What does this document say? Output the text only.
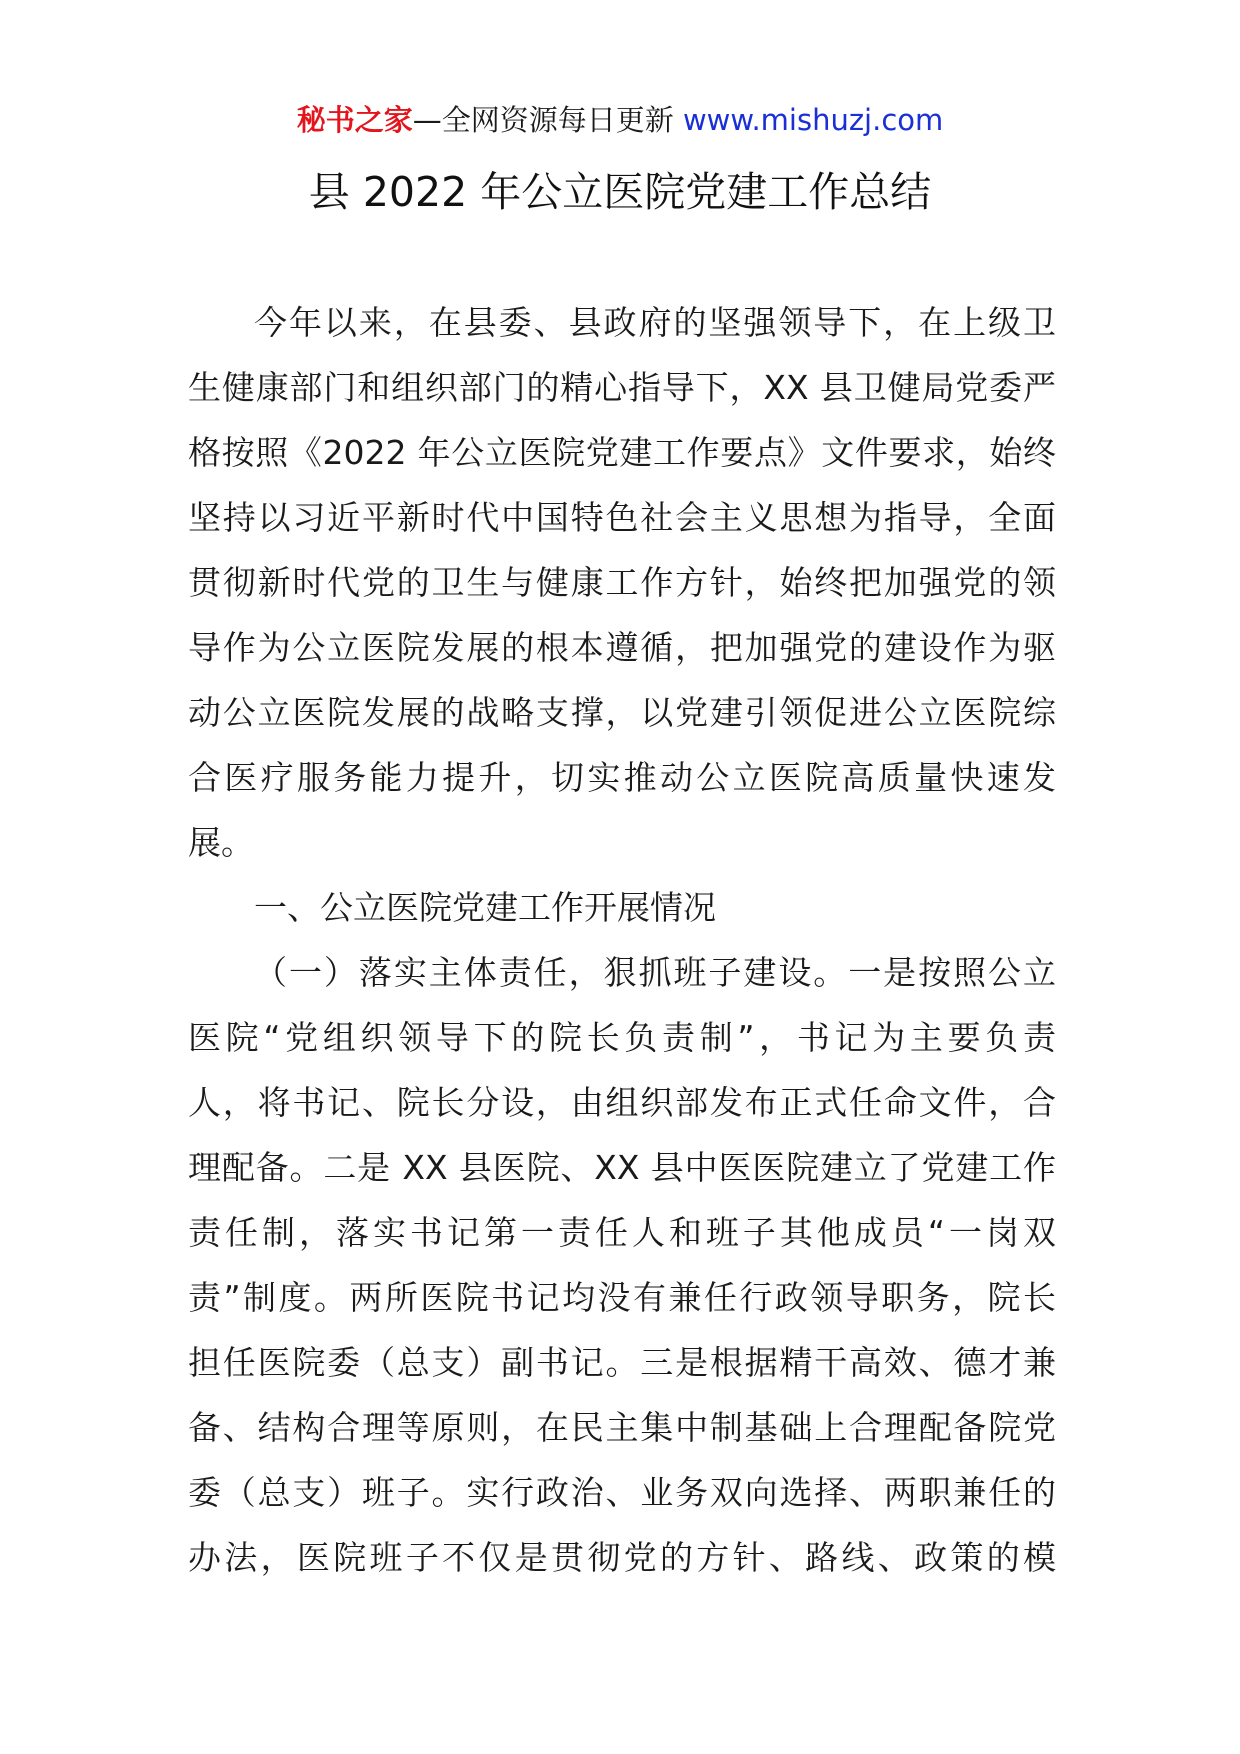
秘书之家—全网资源每日更新 www.mishuzj.com
县 2022 年公立医院党建工作总结
今年以来，在县委、县政府的坚强领导下，在上级卫
生健康部门和组织部门的精心指导下，XX 县卫健局党委严
格按照《2022 年公立医院党建工作要点》文件要求，始终
坚持以习近平新时代中国特色社会主义思想为指导，全面
贯彻新时代党的卫生与健康工作方针，始终把加强党的领
导作为公立医院发展的根本遵循，把加强党的建设作为驱
动公立医院发展的战略支撑，以党建引领促进公立医院综
合医疗服务能力提升，切实推动公立医院高质量快速发
展。
一、公立医院党建工作开展情况
（一）落实主体责任，狠抓班子建设。一是按照公立
医院“党组织领导下的院长负责制”，书记为主要负责
人，将书记、院长分设，由组织部发布正式任命文件，合
理配备。二是 XX 县医院、XX 县中医医院建立了党建工作
责任制，落实书记第一责任人和班子其他成员“一岗双
责”制度。两所医院书记均没有兼任行政领导职务，院长
担任医院委（总支）副书记。三是根据精干高效、德才兼
备、结构合理等原则，在民主集中制基础上合理配备院党
委（总支）班子。实行政治、业务双向选择、两职兼任的
办法，医院班子不仅是贯彻党的方针、路线、政策的模
